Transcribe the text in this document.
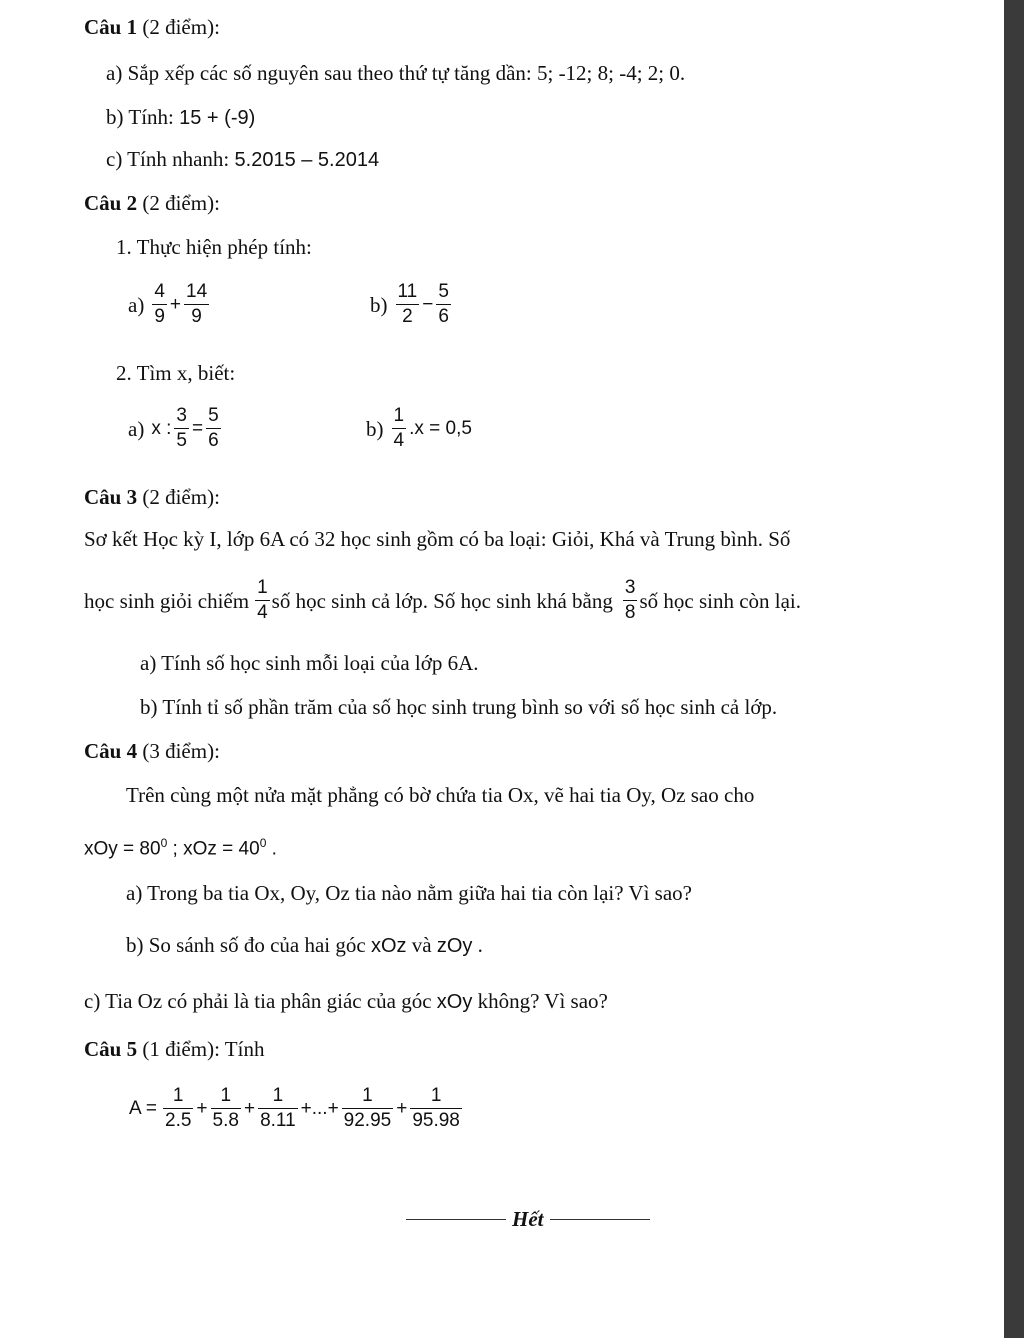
Câu 1 (2 điểm):
a) Sắp xếp các số nguyên sau theo thứ tự tăng dần: 5; -12; 8; -4; 2; 0.
b) Tính: 15 + (-9)
c) Tính nhanh: 5.2015 – 5.2014
Câu 2 (2 điểm):
1. Thực hiện phép tính:
$a) \frac{4}{9} + \frac{14}{9}$	$b) \frac{11}{2} - \frac{5}{6}$
2. Tìm x, biết:
a) x : $\frac{3}{5} = \frac{5}{6}$	$b) \frac{1}{4} .x = 0,5$
Câu 3 (2 điểm):
Sơ kết Học kỳ I, lớp 6A có 32 học sinh gồm có ba loại: Giỏi, Khá và Trung bình. Số
học sinh giỏi chiếm $\frac{1}{4}$ số học sinh cả lớp. Số học sinh khá bằng $\frac{3}{8}$ số học sinh còn lại.
a) Tính số học sinh mỗi loại của lớp 6A.
b) Tính tỉ số phần trăm của số học sinh trung bình so với số học sinh cả lớp.
Câu 4 (3 điểm):
Trên cùng một nửa mặt phẳng có bờ chứa tia Ox, vẽ hai tia Oy, Oz sao cho
xOy = $80^0$ ; xOz = $40^0$ .
a) Trong ba tia Ox, Oy, Oz tia nào nằm giữa hai tia còn lại? Vì sao?
b) So sánh số đo của hai góc xOz và zOy .
c) Tia Oz có phải là tia phân giác của góc xOy không? Vì sao?
Câu 5 (1 điểm): Tính
$A = \frac{1}{2.5} + \frac{1}{5.8} + \frac{1}{8.11}$ +...+ $\frac{1}{92.95} + \frac{1}{95.98}$
Hết
